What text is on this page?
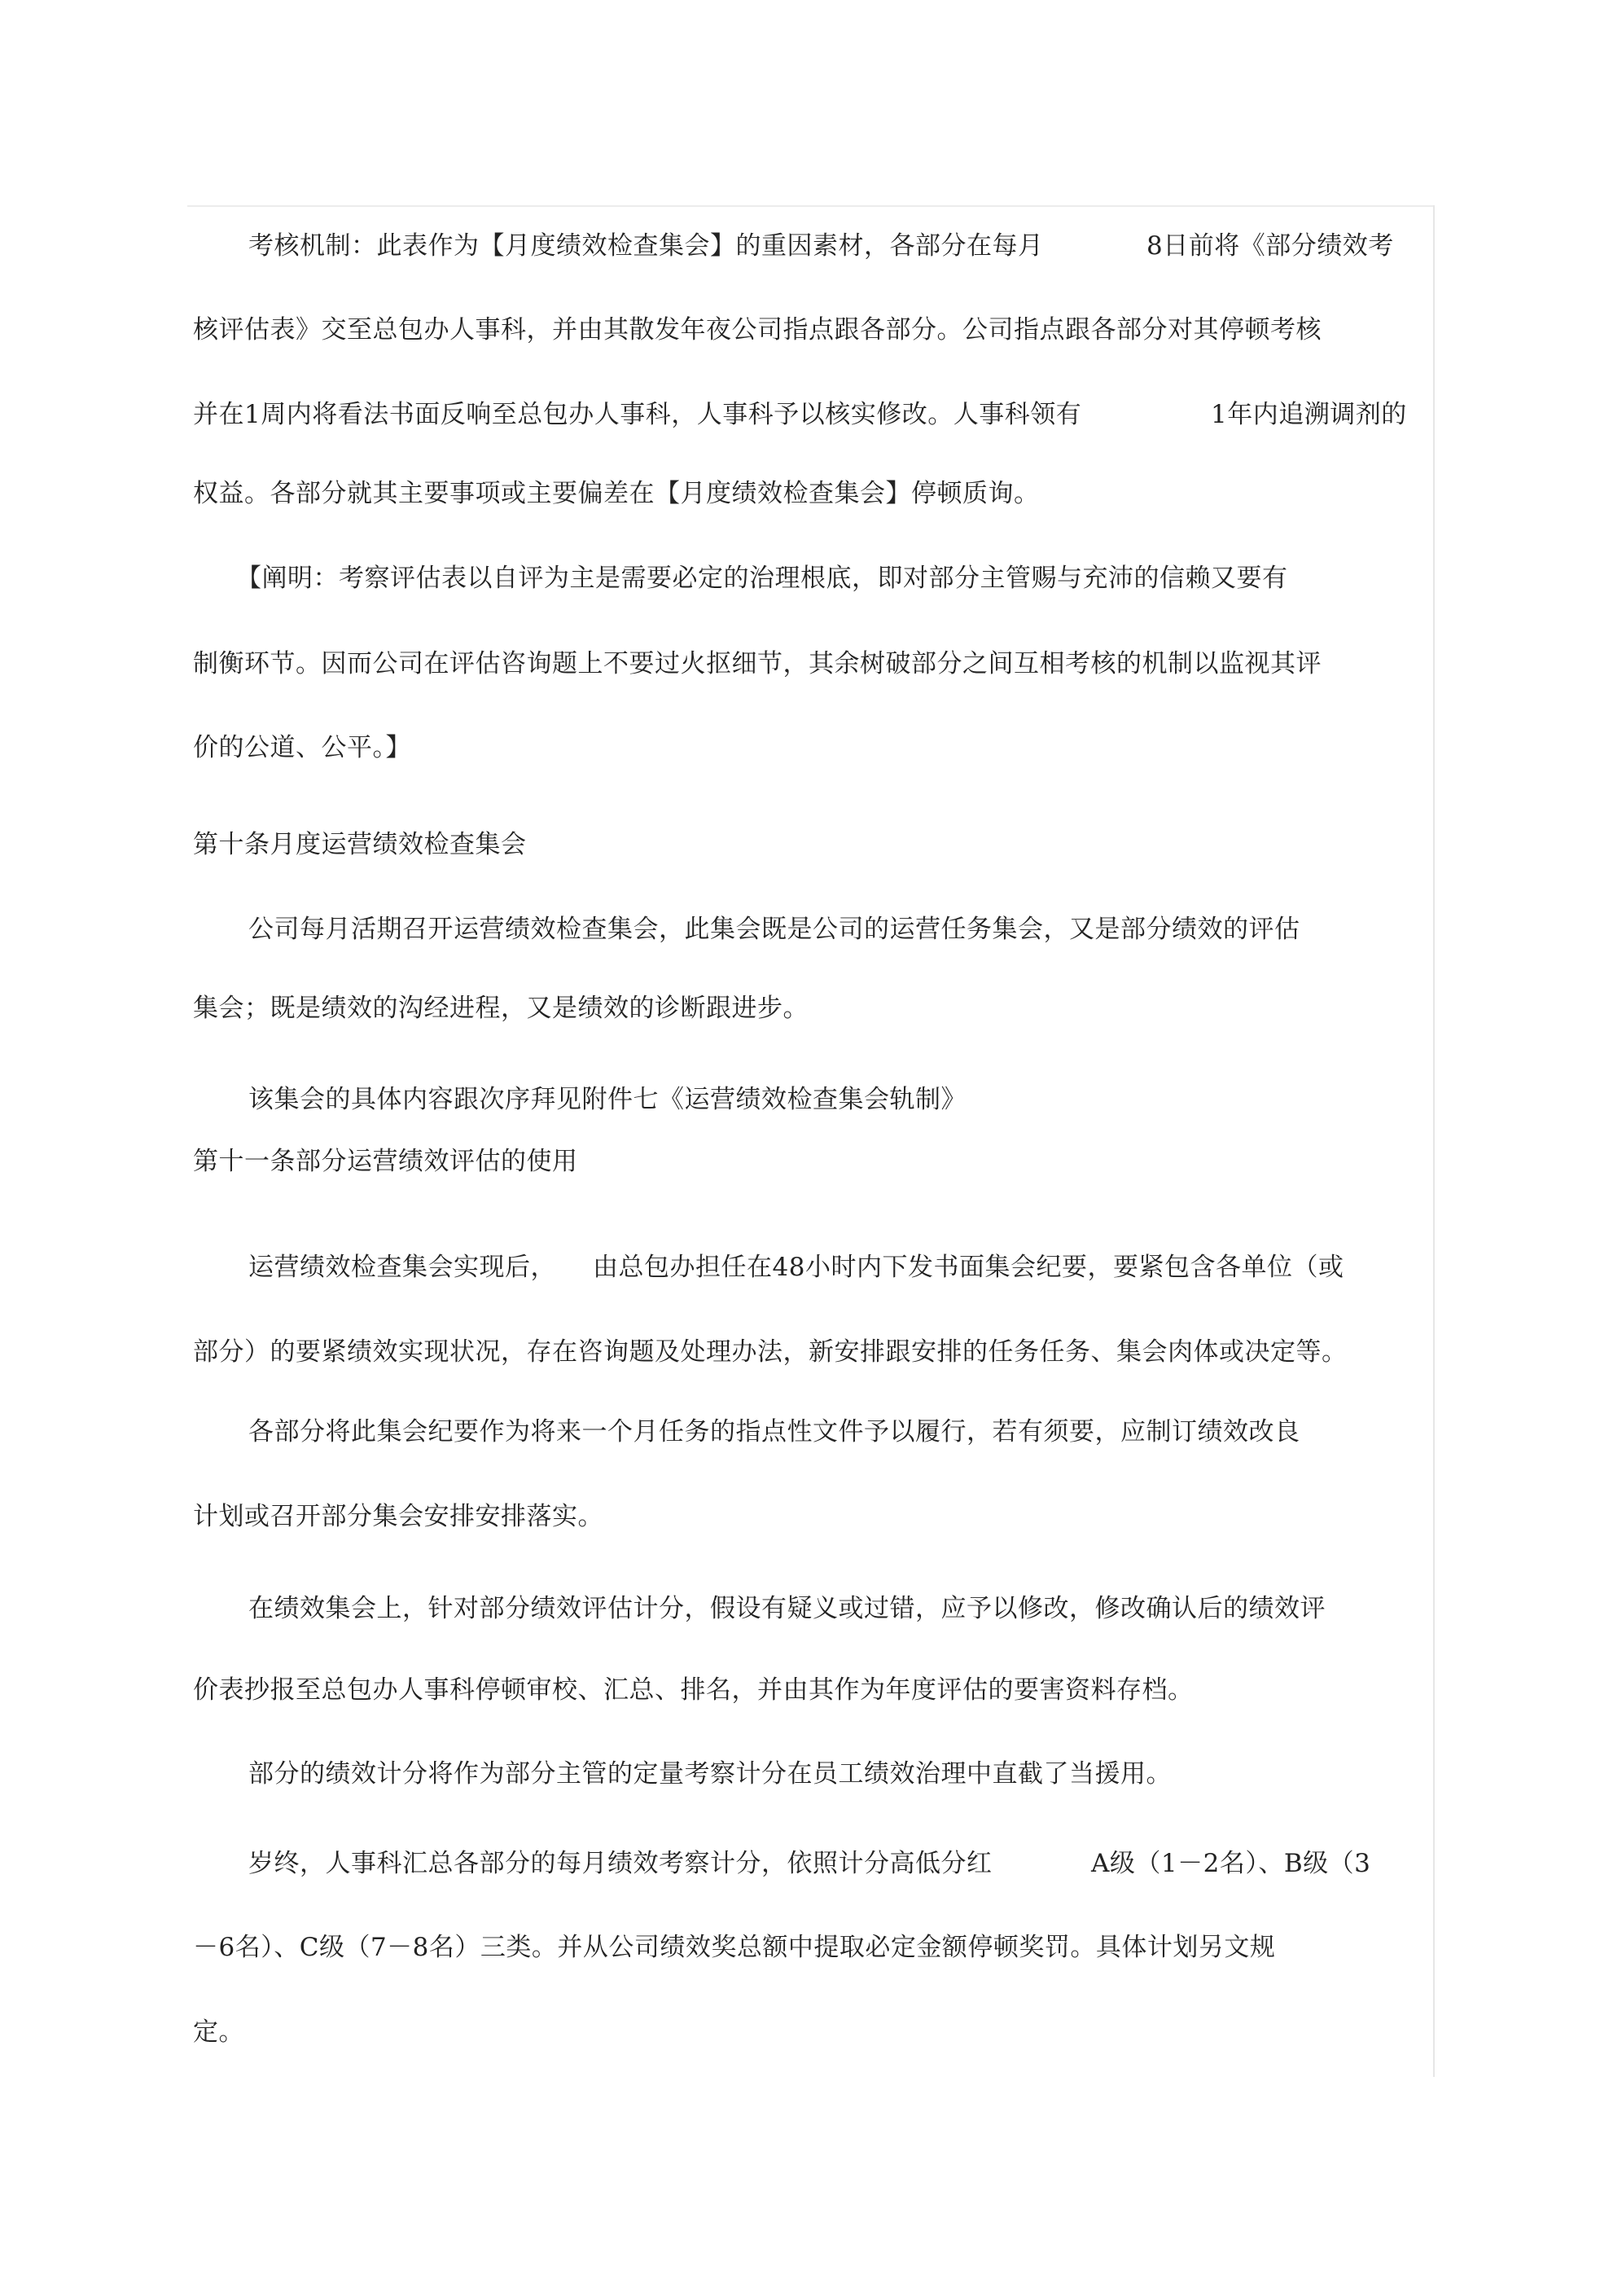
考核机制：此表作为【月度绩效检查集会】的重因素材，各部分在每月	8日前将《部分绩效考
核评估表》交至总包办人事科，并由其散发年夜公司指点跟各部分。公司指点跟各部分对其停顿考核
并在1周内将看法书面反响至总包办人事科，人事科予以核实修改。人事科领有	1年内追溯调剂的
权益。各部分就其主要事项或主要偏差在【月度绩效检查集会】停顿质询。
【阐明：考察评估表以自评为主是需要必定的治理根底，即对部分主管赐与充沛的信赖又要有
制衡环节。因而公司在评估咨询题上不要过火抠细节，其余树破部分之间互相考核的机制以监视其评
价的公道、公平。】
第十条月度运营绩效检查集会
公司每月活期召开运营绩效检查集会，此集会既是公司的运营任务集会，又是部分绩效的评估
集会；既是绩效的沟经进程，又是绩效的诊断跟进步。
该集会的具体内容跟次序拜见附件七《运营绩效检查集会轨制》
第十一条部分运营绩效评估的使用
运营绩效检查集会实现后， 由总包办担任在48小时内下发书面集会纪要，要紧包含各单位（或
部分）的要紧绩效实现状况，存在咨询题及处理办法，新安排跟安排的任务任务、集会肉体或决定等。
各部分将此集会纪要作为将来一个月任务的指点性文件予以履行，若有须要，应制订绩效改良
计划或召开部分集会安排安排落实。
在绩效集会上，针对部分绩效评估计分，假设有疑义或过错，应予以修改，修改确认后的绩效评
价表抄报至总包办人事科停顿审校、汇总、排名，并由其作为年度评估的要害资料存档。
部分的绩效计分将作为部分主管的定量考察计分在员工绩效治理中直截了当援用。
岁终，人事科汇总各部分的每月绩效考察计分，依照计分高低分红	A级（1－2名）、B级（3
－6名）、C级（7－8名）三类。并从公司绩效奖总额中提取必定金额停顿奖罚。具体计划另文规
定。
